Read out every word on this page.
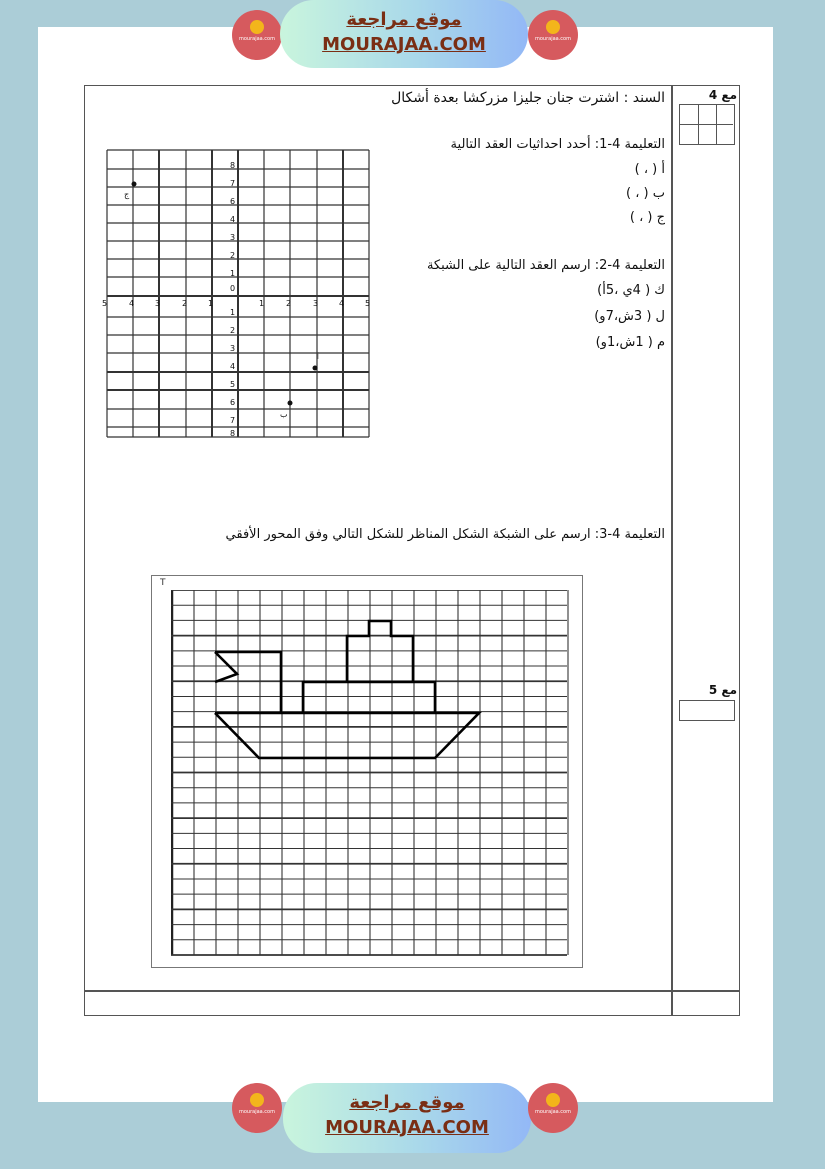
mourajaa.com
موقع مراجعة
MOURAJAA.COM	mourajaa.com
السند : اشترت جنان جليزا مزركشا بعدة أشكال
التعليمة 4-1: أحدد احداثيات العقد التالية
أ ( ، )
ب ( ، )
ج ( ، )
التعليمة 4-2: ارسم العقد التالية على الشبكة
ك ( 4ي ،5أ)
ل ( 3ش،7و)
م ( 1ش،1و)
التعليمة 4-3: ارسم على الشبكة الشكل المناظر للشكل التالي وفق المحور الأفقي
مع 4
مع 5
8
7
6
4
3
2
1
0
5	4	3	2	1	1	2	3	4	5
1
2
3
4
5
6
7
8
ج
أ
ب
T
mourajaa.com	موقع مراجعة
MOURAJAA.COM
mourajaa.com
